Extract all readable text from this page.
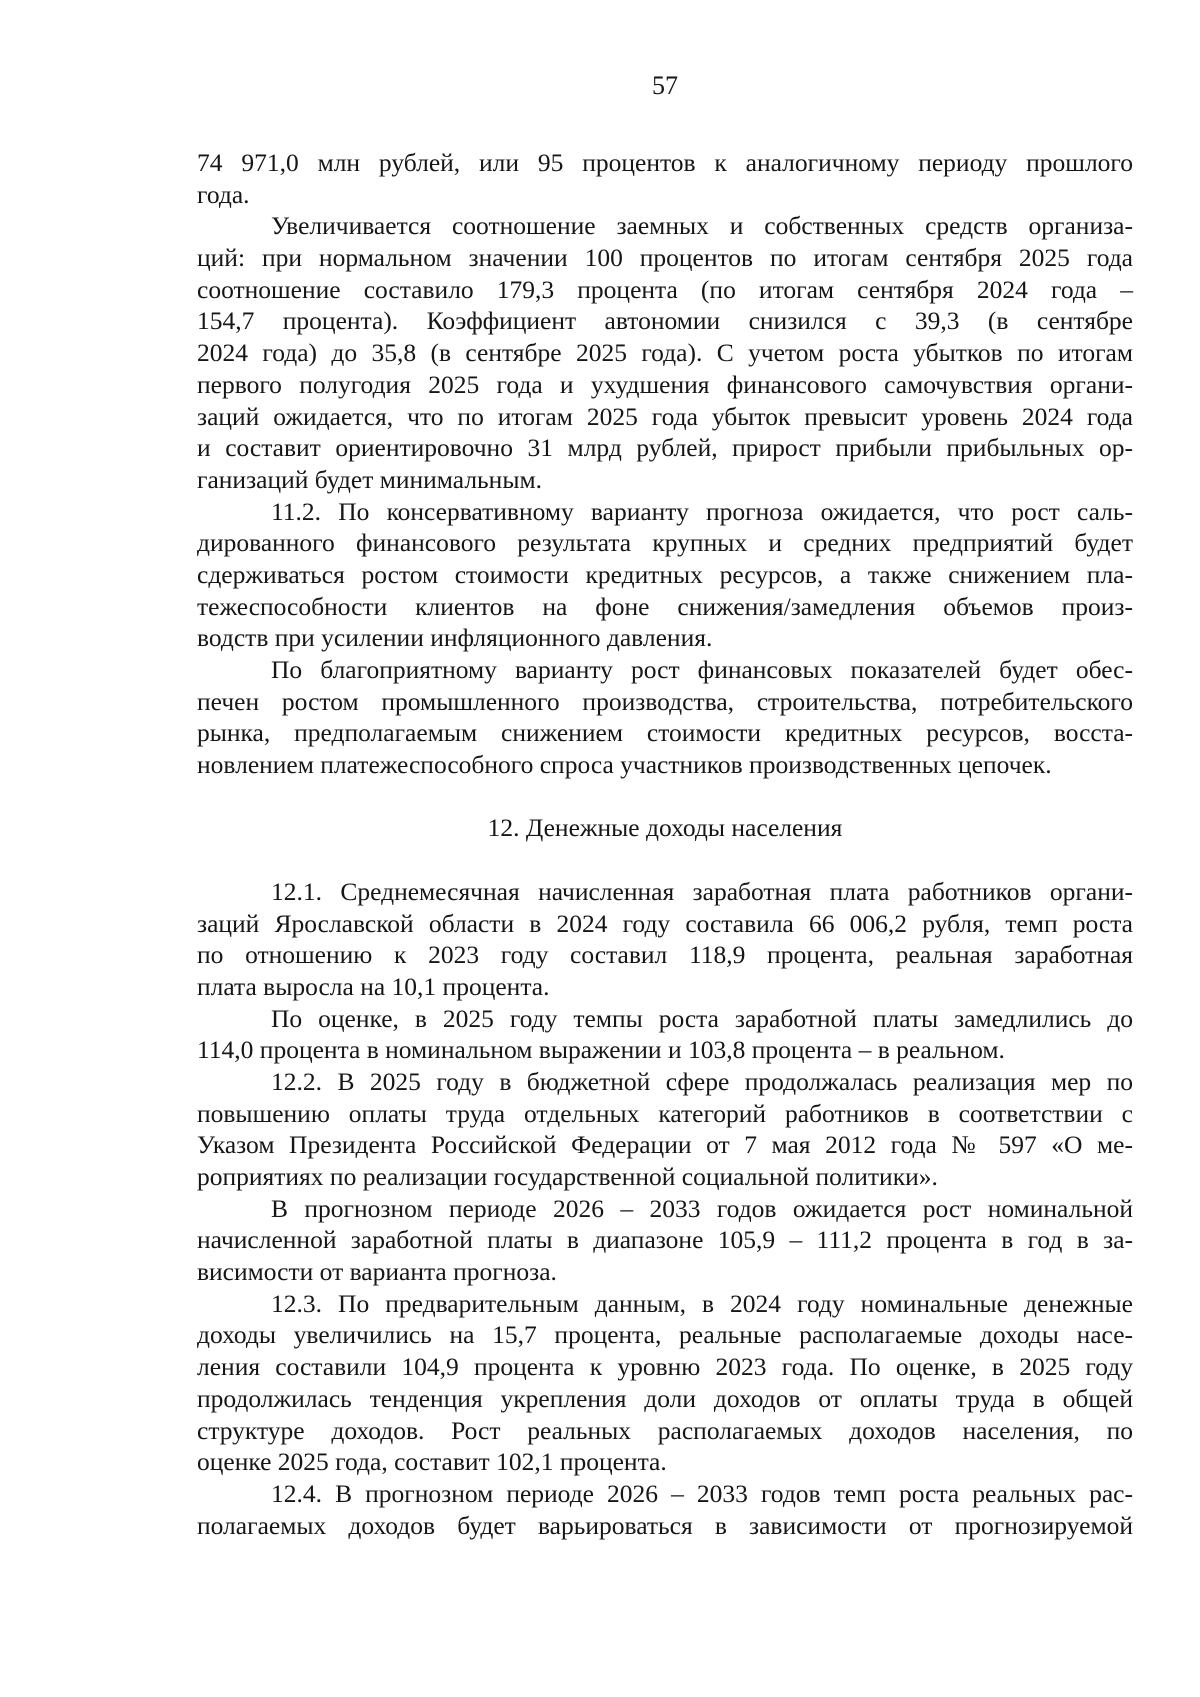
57
74 971,0 млн рублей, или 95 процентов к аналогичному периоду прошлого
года.
Увеличивается соотношение заемных и собственных средств организа-
ций: при нормальном значении 100 процентов по итогам сентября 2025 года
соотношение составило 179,3 процента (по итогам сентября 2024 года –
154,7 процента). Коэффициент автономии снизился с 39,3 (в сентябре
2024 года) до 35,8 (в сентябре 2025 года). С учетом роста убытков по итогам
первого полугодия 2025 года и ухудшения финансового самочувствия органи-
заций ожидается, что по итогам 2025 года убыток превысит уровень 2024 года
и составит ориентировочно 31 млрд рублей, прирост прибыли прибыльных ор-
ганизаций будет минимальным.
11.2. По консервативному варианту прогноза ожидается, что рост саль-
дированного финансового результата крупных и средних предприятий будет
сдерживаться ростом стоимости кредитных ресурсов, а также снижением пла-
тежеспособности клиентов на фоне снижения/замедления объемов произ-
водств при усилении инфляционного давления.
По благоприятному варианту рост финансовых показателей будет обес-
печен ростом промышленного производства, строительства, потребительского
рынка, предполагаемым снижением стоимости кредитных ресурсов, восста-
новлением платежеспособного спроса участников производственных цепочек.
12. Денежные доходы населения
12.1. Среднемесячная начисленная заработная плата работников органи-
заций Ярославской области в 2024 году составила 66 006,2 рубля, темп роста
по отношению к 2023 году составил 118,9 процента, реальная заработная
плата выросла на 10,1 процента.
По оценке, в 2025 году темпы роста заработной платы замедлились до
114,0 процента в номинальном выражении и 103,8 процента – в реальном.
12.2. В 2025 году в бюджетной сфере продолжалась реализация мер по
повышению оплаты труда отдельных категорий работников в соответствии с
Указом Президента Российской Федерации от 7 мая 2012 года № 597 «О ме-
роприятиях по реализации государственной социальной политики».
В прогнозном периоде 2026 – 2033 годов ожидается рост номинальной
начисленной заработной платы в диапазоне 105,9 – 111,2 процента в год в за-
висимости от варианта прогноза.
12.3. По предварительным данным, в 2024 году номинальные денежные
доходы увеличились на 15,7 процента, реальные располагаемые доходы насе-
ления составили 104,9 процента к уровню 2023 года. По оценке, в 2025 году
продолжилась тенденция укрепления доли доходов от оплаты труда в общей
структуре доходов. Рост реальных располагаемых доходов населения, по
оценке 2025 года, составит 102,1 процента.
12.4. В прогнозном периоде 2026 – 2033 годов темп роста реальных рас-
полагаемых доходов будет варьироваться в зависимости от прогнозируемой
